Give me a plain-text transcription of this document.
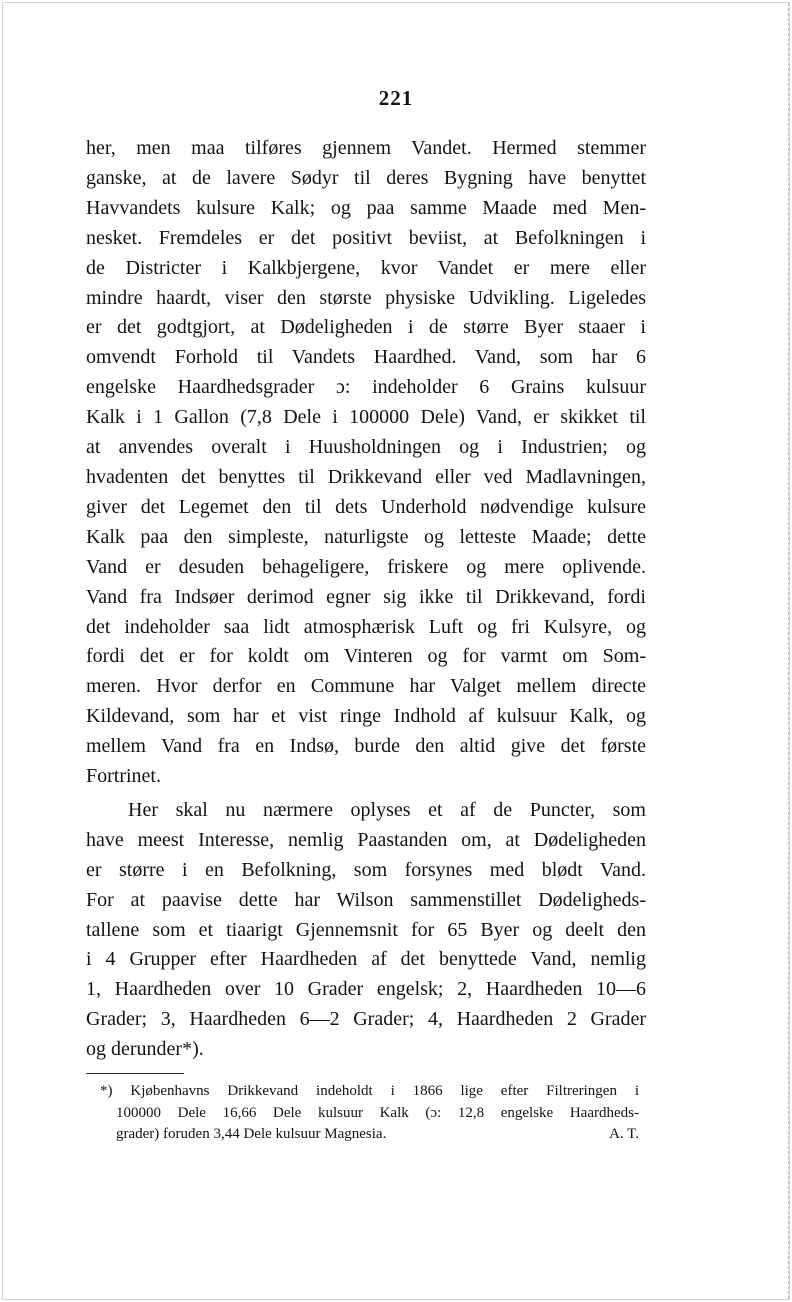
221
her, men maa tilføres gjennem Vandet. Hermed stemmer
ganske, at de lavere Sødyr til deres Bygning have benyttet
Havvandets kulsure Kalk; og paa samme Maade med Men-
nesket. Fremdeles er det positivt beviist, at Befolkningen i
de Districter i Kalkbjergene, kvor Vandet er mere eller
mindre haardt, viser den største physiske Udvikling. Ligeledes
er det godtgjort, at Dødeligheden i de større Byer staaer i
omvendt Forhold til Vandets Haardhed. Vand, som har 6
engelske Haardhedsgrader ɔ: indeholder 6 Grains kulsuur
Kalk i 1 Gallon (7,8 Dele i 100000 Dele) Vand, er skikket til
at anvendes overalt i Huusholdningen og i Industrien; og
hvadenten det benyttes til Drikkevand eller ved Madlavningen,
giver det Legemet den til dets Underhold nødvendige kulsure
Kalk paa den simpleste, naturligste og letteste Maade; dette
Vand er desuden behageligere, friskere og mere oplivende.
Vand fra Indsøer derimod egner sig ikke til Drikkevand, fordi
det indeholder saa lidt atmosphærisk Luft og fri Kulsyre, og
fordi det er for koldt om Vinteren og for varmt om Som-
meren. Hvor derfor en Commune har Valget mellem directe
Kildevand, som har et vist ringe Indhold af kulsuur Kalk, og
mellem Vand fra en Indsø, burde den altid give det første
Fortrinet.
Her skal nu nærmere oplyses et af de Puncter, som
have meest Interesse, nemlig Paastanden om, at Dødeligheden
er større i en Befolkning, som forsynes med blødt Vand.
For at paavise dette har Wilson sammenstillet Dødeligheds-
tallene som et tiaarigt Gjennemsnit for 65 Byer og deelt den
i 4 Grupper efter Haardheden af det benyttede Vand, nemlig
1, Haardheden over 10 Grader engelsk; 2, Haardheden 10—6
Grader; 3, Haardheden 6—2 Grader; 4, Haardheden 2 Grader
og derunder*).
*) Kjøbenhavns Drikkevand indeholdt i 1866 lige efter Filtreringen i
100000 Dele 16,66 Dele kulsuur Kalk (ɔ: 12,8 engelske Haardheds-
grader) foruden 3,44 Dele kulsuur Magnesia.	A. T.
